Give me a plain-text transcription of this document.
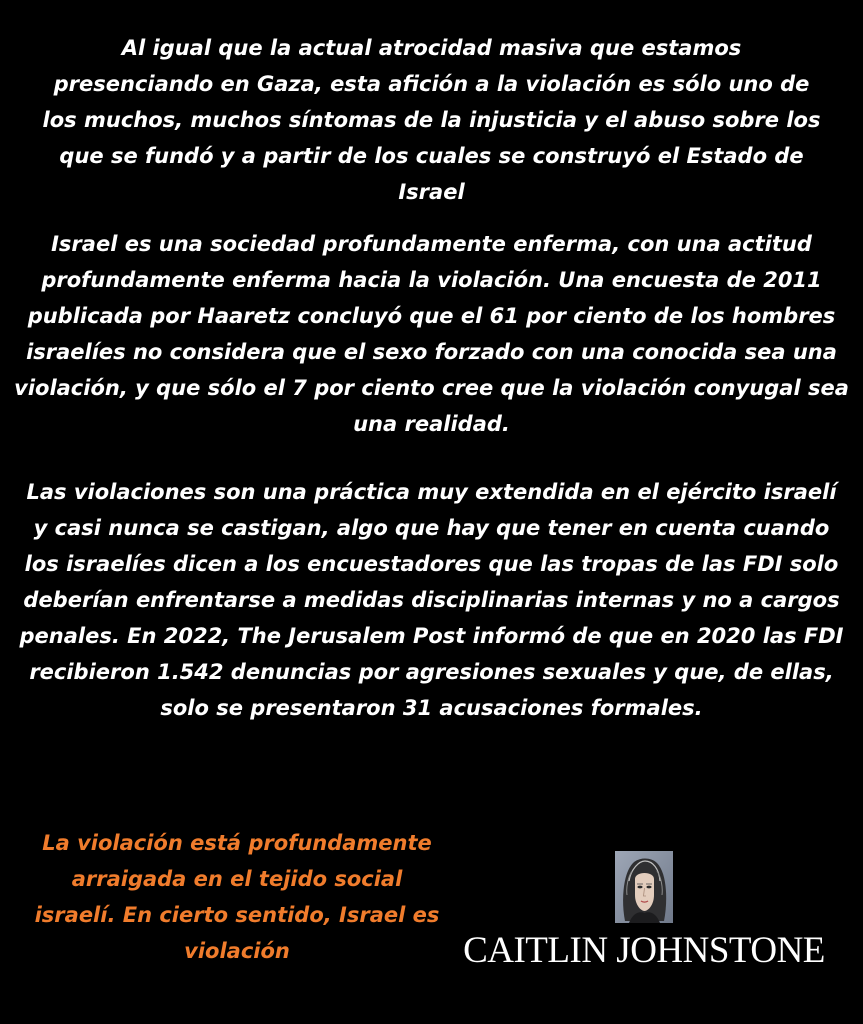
Al igual que la actual atrocidad masiva que estamos presenciando en Gaza, esta afición a la violación es sólo uno de los muchos, muchos síntomas de la injusticia y el abuso sobre los que se fundó y a partir de los cuales se construyó el Estado de Israel

Israel es una sociedad profundamente enferma, con una actitud profundamente enferma hacia la violación. Una encuesta de 2011 publicada por Haaretz concluyó que el 61 por ciento de los hombres israelíes no considera que el sexo forzado con una conocida sea una violación, y que sólo el 7 por ciento cree que la violación conyugal sea una realidad.

Las violaciones son una práctica muy extendida en el ejército israelí y casi nunca se castigan, algo que hay que tener en cuenta cuando los israelíes dicen a los encuestadores que las tropas de las FDI solo deberían enfrentarse a medidas disciplinarias internas y no a cargos penales. En 2022, The Jerusalem Post informó de que en 2020 las FDI recibieron 1.542 denuncias por agresiones sexuales y que, de ellas, solo se presentaron 31 acusaciones formales.

La violación está profundamente arraigada en el tejido social israelí. En cierto sentido, Israel es violación	CAITLIN JOHNSTONE
